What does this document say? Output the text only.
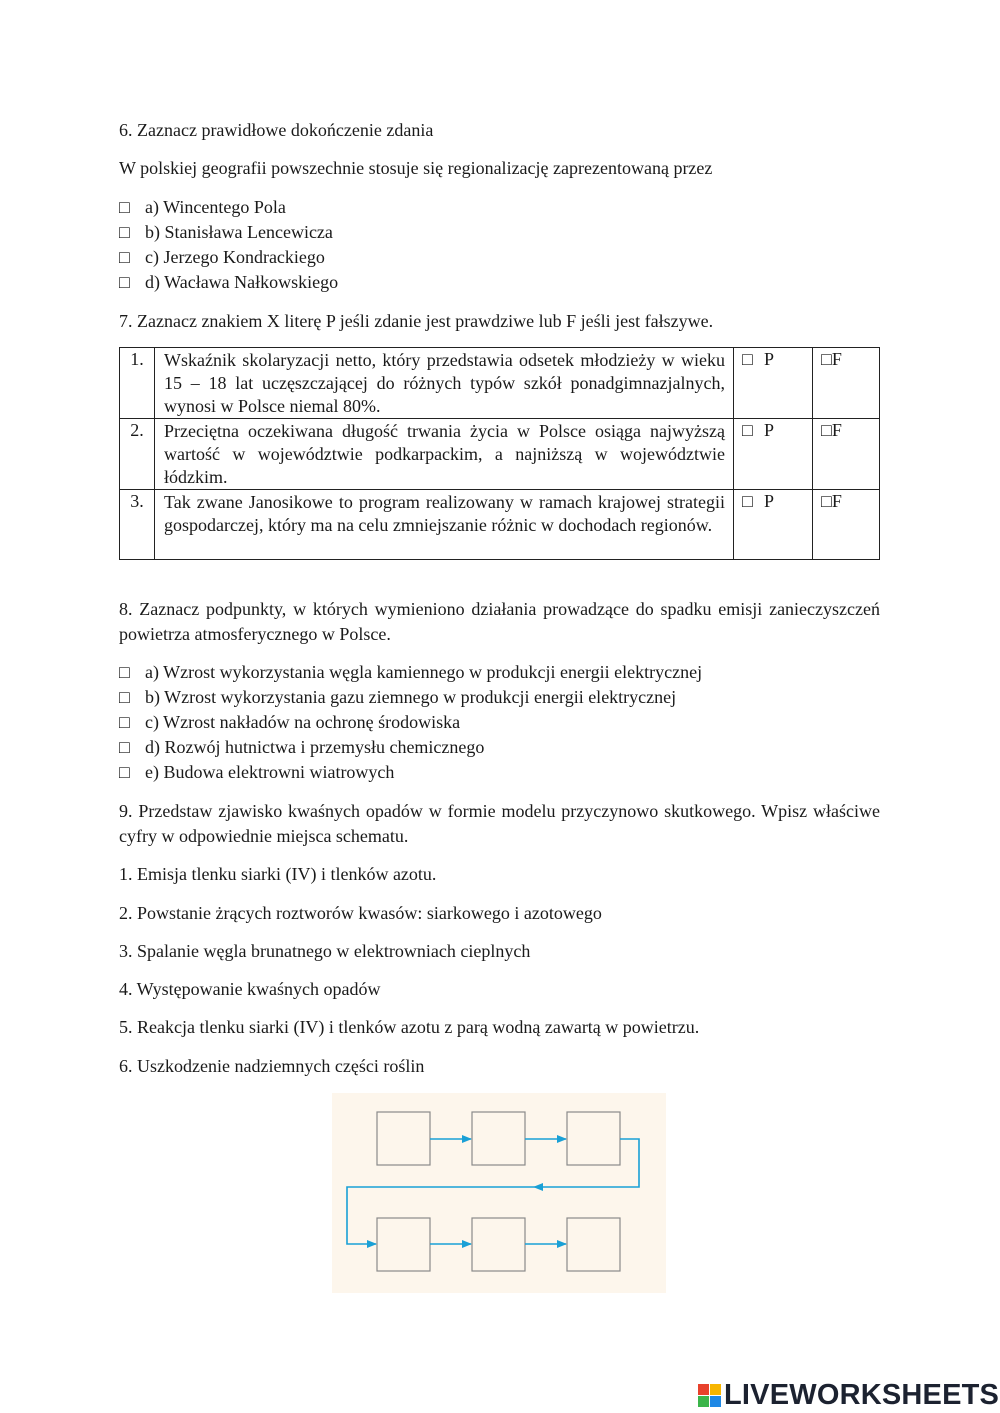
6. Zaznacz prawidłowe dokończenie zdania
W polskiej geografii powszechnie stosuje się regionalizację zaprezentowaną przez
□ a) Wincentego Pola
□ b) Stanisława Lencewicza
□ c) Jerzego Kondrackiego
□ d) Wacława Nałkowskiego
7. Zaznacz znakiem X literę P jeśli zdanie jest prawdziwe lub F jeśli jest fałszywe.
1.	Wskaźnik skolaryzacji netto, który przedstawia odsetek młodzieży w wieku 15 – 18 lat uczęszczającej do różnych typów szkół ponadgimnazjalnych, wynosi w Polsce niemal 80%.	□ P	□F
2.	Przeciętna oczekiwana długość trwania życia w Polsce osiąga najwyższą wartość w województwie podkarpackim, a najniższą w województwie łódzkim.	□ P	□F
3.	Tak zwane Janosikowe to program realizowany w ramach krajowej strategii gospodarczej, który ma na celu zmniejszanie różnic w dochodach regionów.	□ P	□F
8. Zaznacz podpunkty, w których wymieniono działania prowadzące do spadku emisji zanieczyszczeń powietrza atmosferycznego w Polsce.
□ a) Wzrost wykorzystania węgla kamiennego w produkcji energii elektrycznej
□ b) Wzrost wykorzystania gazu ziemnego w produkcji energii elektrycznej
□ c) Wzrost nakładów na ochronę środowiska
□ d) Rozwój hutnictwa i przemysłu chemicznego
□ e) Budowa elektrowni wiatrowych
9. Przedstaw zjawisko kwaśnych opadów w formie modelu przyczynowo skutkowego. Wpisz właściwe cyfry w odpowiednie miejsca schematu.
1. Emisja tlenku siarki (IV) i tlenków azotu.
2. Powstanie żrących roztworów kwasów: siarkowego i azotowego
3. Spalanie węgla brunatnego w elektrowniach cieplnych
4. Występowanie kwaśnych opadów
5. Reakcja tlenku siarki (IV) i tlenków azotu z parą wodną zawartą w powietrzu.
6. Uszkodzenie nadziemnych części roślin
LIVEWORKSHEETS
